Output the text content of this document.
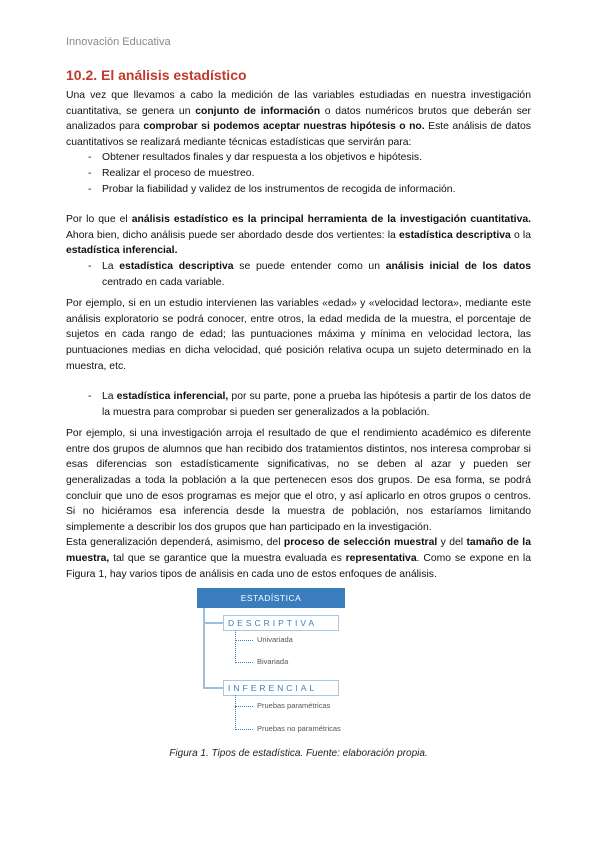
Innovación Educativa
10.2. El análisis estadístico

Una vez que llevamos a cabo la medición de las variables estudiadas en nuestra investigación cuantitativa, se genera un conjunto de información o datos numéricos brutos que deberán ser analizados para comprobar si podemos aceptar nuestras hipótesis o no. Este análisis de datos cuantitativos se realizará mediante técnicas estadísticas que servirán para:

- Obtener resultados finales y dar respuesta a los objetivos e hipótesis.
- Realizar el proceso de muestreo.
- Probar la fiabilidad y validez de los instrumentos de recogida de información.

Por lo que el análisis estadístico es la principal herramienta de la investigación cuantitativa. Ahora bien, dicho análisis puede ser abordado desde dos vertientes: la estadística descriptiva o la estadística inferencial.

- La estadística descriptiva se puede entender como un análisis inicial de los datos centrado en cada variable.

Por ejemplo, si en un estudio intervienen las variables «edad» y «velocidad lectora», mediante este análisis exploratorio se podrá conocer, entre otros, la edad medida de la muestra, el porcentaje de sujetos en cada rango de edad; las puntuaciones máxima y mínima en velocidad lectora, las puntuaciones medias en dicha velocidad, qué posición relativa ocupa un sujeto determinado en la muestra, etc.

- La estadística inferencial, por su parte, pone a prueba las hipótesis a partir de los datos de la muestra para comprobar si pueden ser generalizados a la población.

Por ejemplo, si una investigación arroja el resultado de que el rendimiento académico es diferente entre dos grupos de alumnos que han recibido dos tratamientos distintos, nos interesa comprobar si esas diferencias son estadísticamente significativas, no se deben al azar y pueden ser generalizadas a toda la población a la que pertenecen esos dos grupos. De esa forma, se podrá concluir que uno de esos programas es mejor que el otro, y así aplicarlo en otros grupos o centros. Si no hiciéramos esa inferencia desde la muestra de población, nos estaríamos limitando simplemente a describir los dos grupos que han participado en la investigación.

Esta generalización dependerá, asimismo, del proceso de selección muestral y del tamaño de la muestra, tal que se garantice que la muestra evaluada es representativa. Como se expone en la Figura 1, hay varios tipos de análisis en cada uno de estos enfoques de análisis.

ESTADÍSTICA
DESCRIPTIVA
Univariada
Bivariada
INFERENCIAL
Pruebas paramétricas
Pruebas no paramétricas
Figura 1. Tipos de estadística. Fuente: elaboración propia.
